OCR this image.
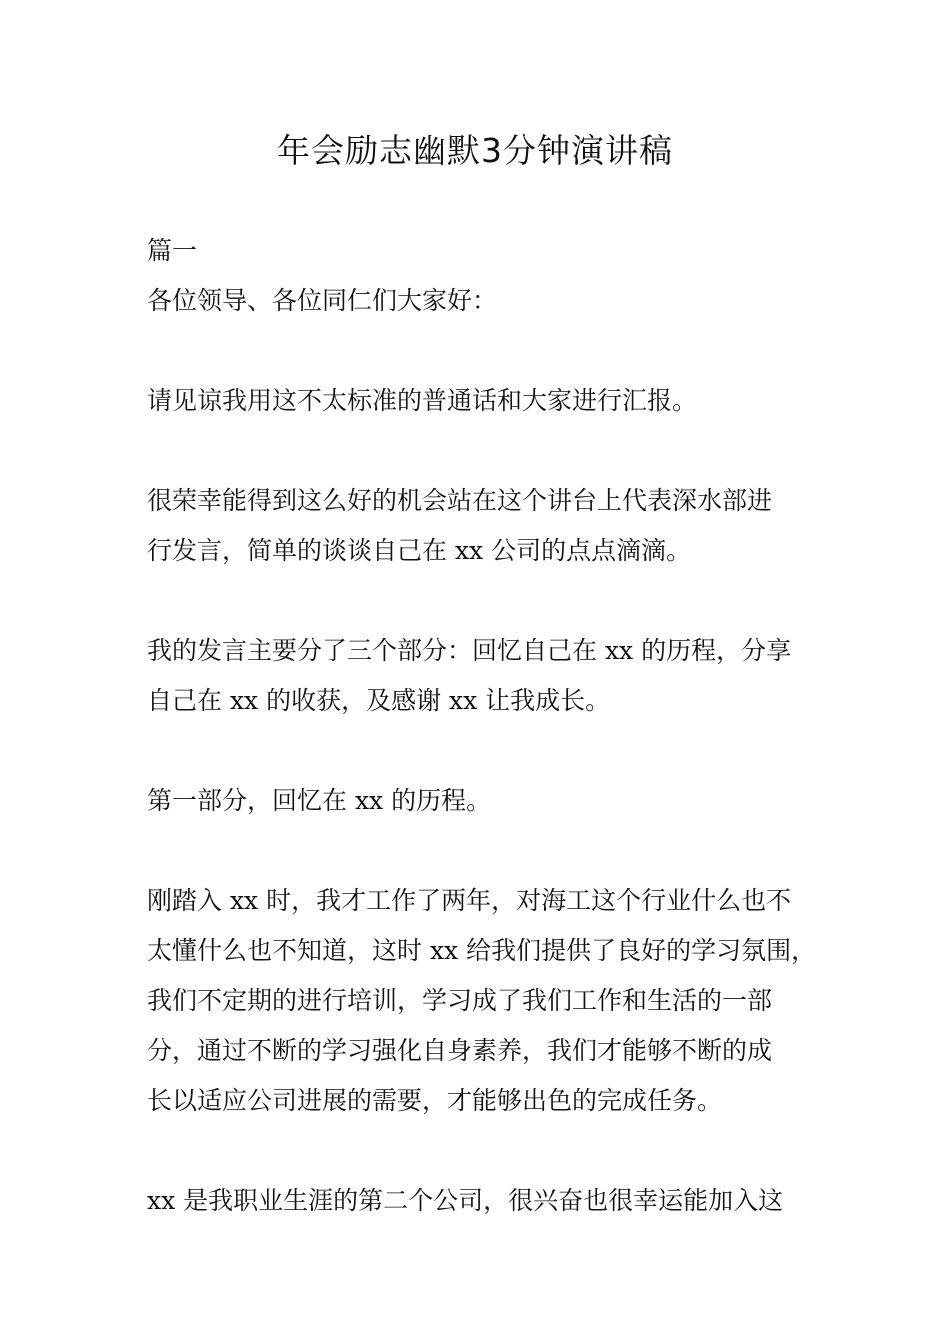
年会励志幽默3分钟演讲稿

篇一

各位领导、各位同仁们大家好：

请见谅我用这不太标准的普通话和大家进行汇报。

很荣幸能得到这么好的机会站在这个讲台上代表深水部进
行发言，简单的谈谈自己在 xx 公司的点点滴滴。

我的发言主要分了三个部分：回忆自己在 xx 的历程，分享
自己在 xx 的收获，及感谢 xx 让我成长。

第一部分，回忆在 xx 的历程。

刚踏入 xx 时，我才工作了两年，对海工这个行业什么也不
太懂什么也不知道，这时 xx 给我们提供了良好的学习氛围，
我们不定期的进行培训，学习成了我们工作和生活的一部
分，通过不断的学习强化自身素养，我们才能够不断的成
长以适应公司进展的需要，才能够出色的完成任务。

xx 是我职业生涯的第二个公司，很兴奋也很幸运能加入这
